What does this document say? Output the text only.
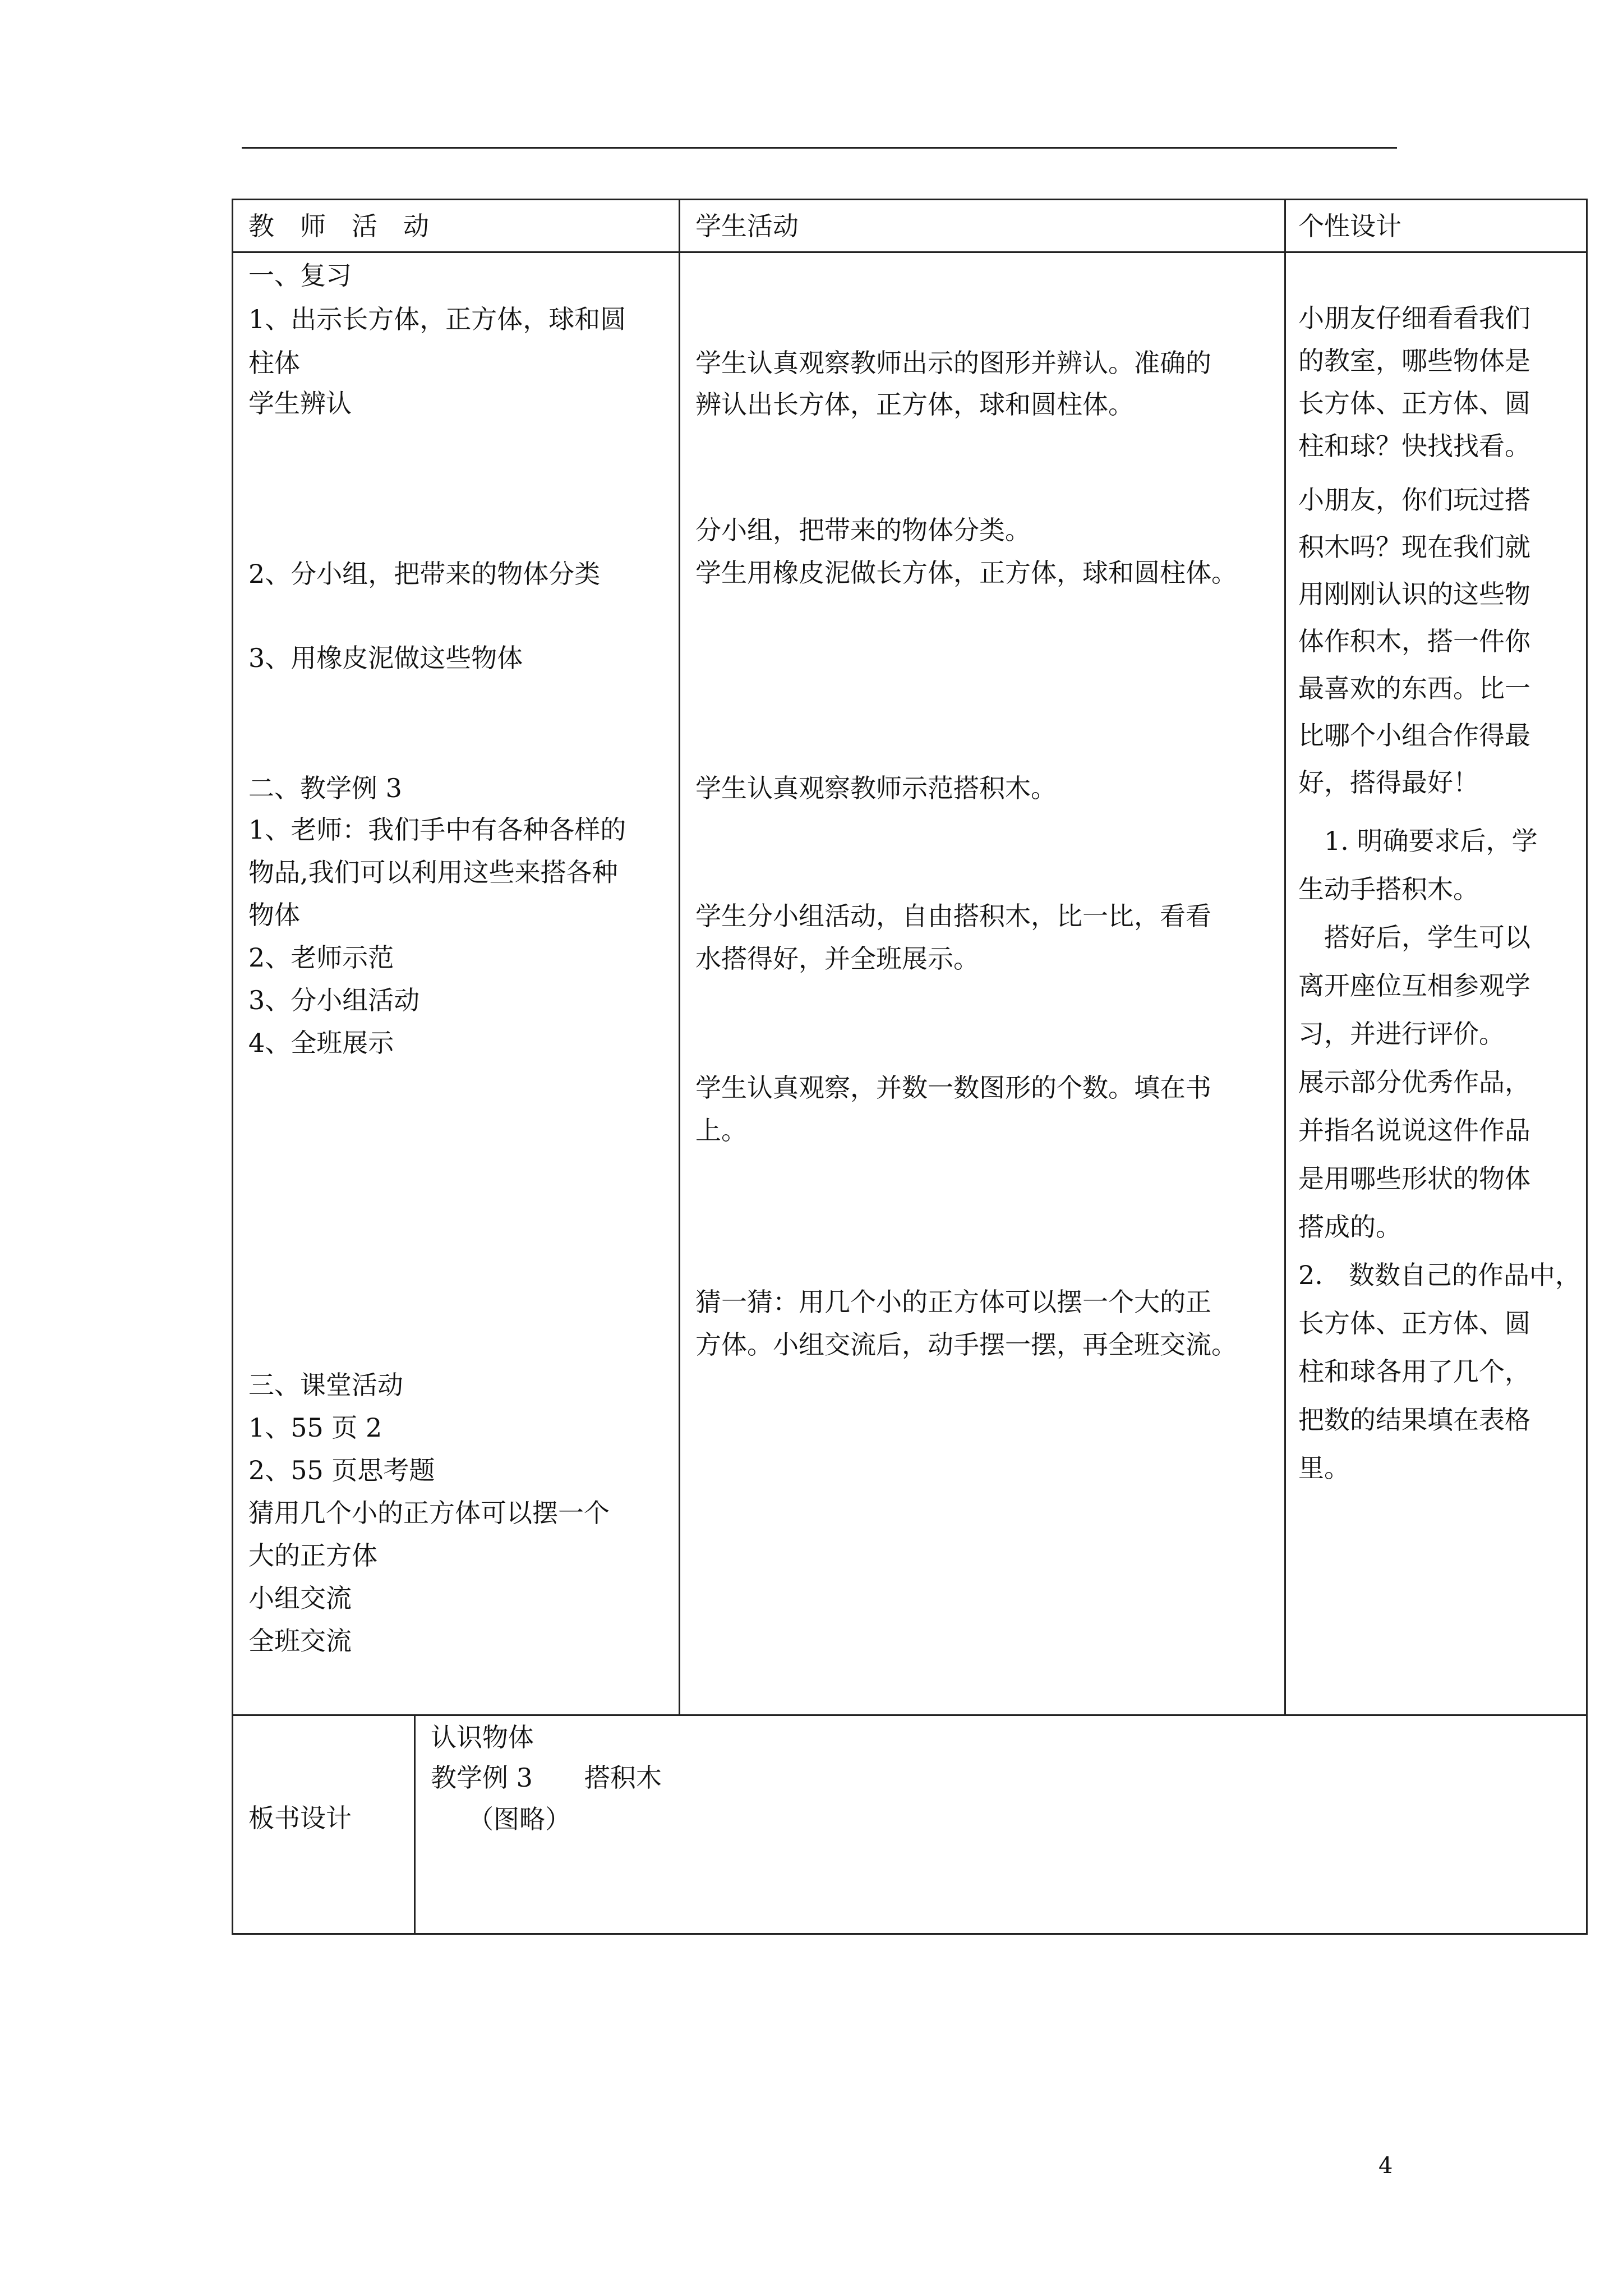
教　师　活　动	学生活动	个性设计
一、复习
1、出示长方体，正方体，球和圆
柱体
学生辨认
2、分小组，把带来的物体分类
3、用橡皮泥做这些物体
二、教学例 3
1、老师：我们手中有各种各样的
物品,我们可以利用这些来搭各种
物体
2、老师示范
3、分小组活动
4、全班展示
三、课堂活动
1、55 页 2
2、55 页思考题
猜用几个小的正方体可以摆一个
大的正方体
小组交流
全班交流
学生认真观察教师出示的图形并辨认。准确的
辨认出长方体，正方体，球和圆柱体。
分小组，把带来的物体分类。
学生用橡皮泥做长方体，正方体，球和圆柱体。
学生认真观察教师示范搭积木。
学生分小组活动，自由搭积木，比一比，看看
水搭得好，并全班展示。
学生认真观察，并数一数图形的个数。填在书
上。
猜一猜：用几个小的正方体可以摆一个大的正
方体。小组交流后，动手摆一摆，再全班交流。
小朋友仔细看看我们
的教室，哪些物体是
长方体、正方体、圆
柱和球？快找找看。
小朋友，你们玩过搭
积木吗？现在我们就
用刚刚认识的这些物
体作积木，搭一件你
最喜欢的东西。比一
比哪个小组合作得最
好，搭得最好！
　1. 明确要求后，学
生动手搭积木。
　搭好后，学生可以
离开座位互相参观学
习，并进行评价。
展示部分优秀作品，
并指名说说这件作品
是用哪些形状的物体
搭成的。
2.　数数自己的作品中，
长方体、正方体、圆
柱和球各用了几个，
把数的结果填在表格
里。
板书设计
认识物体
教学例 3　　搭积木
（图略）
4
